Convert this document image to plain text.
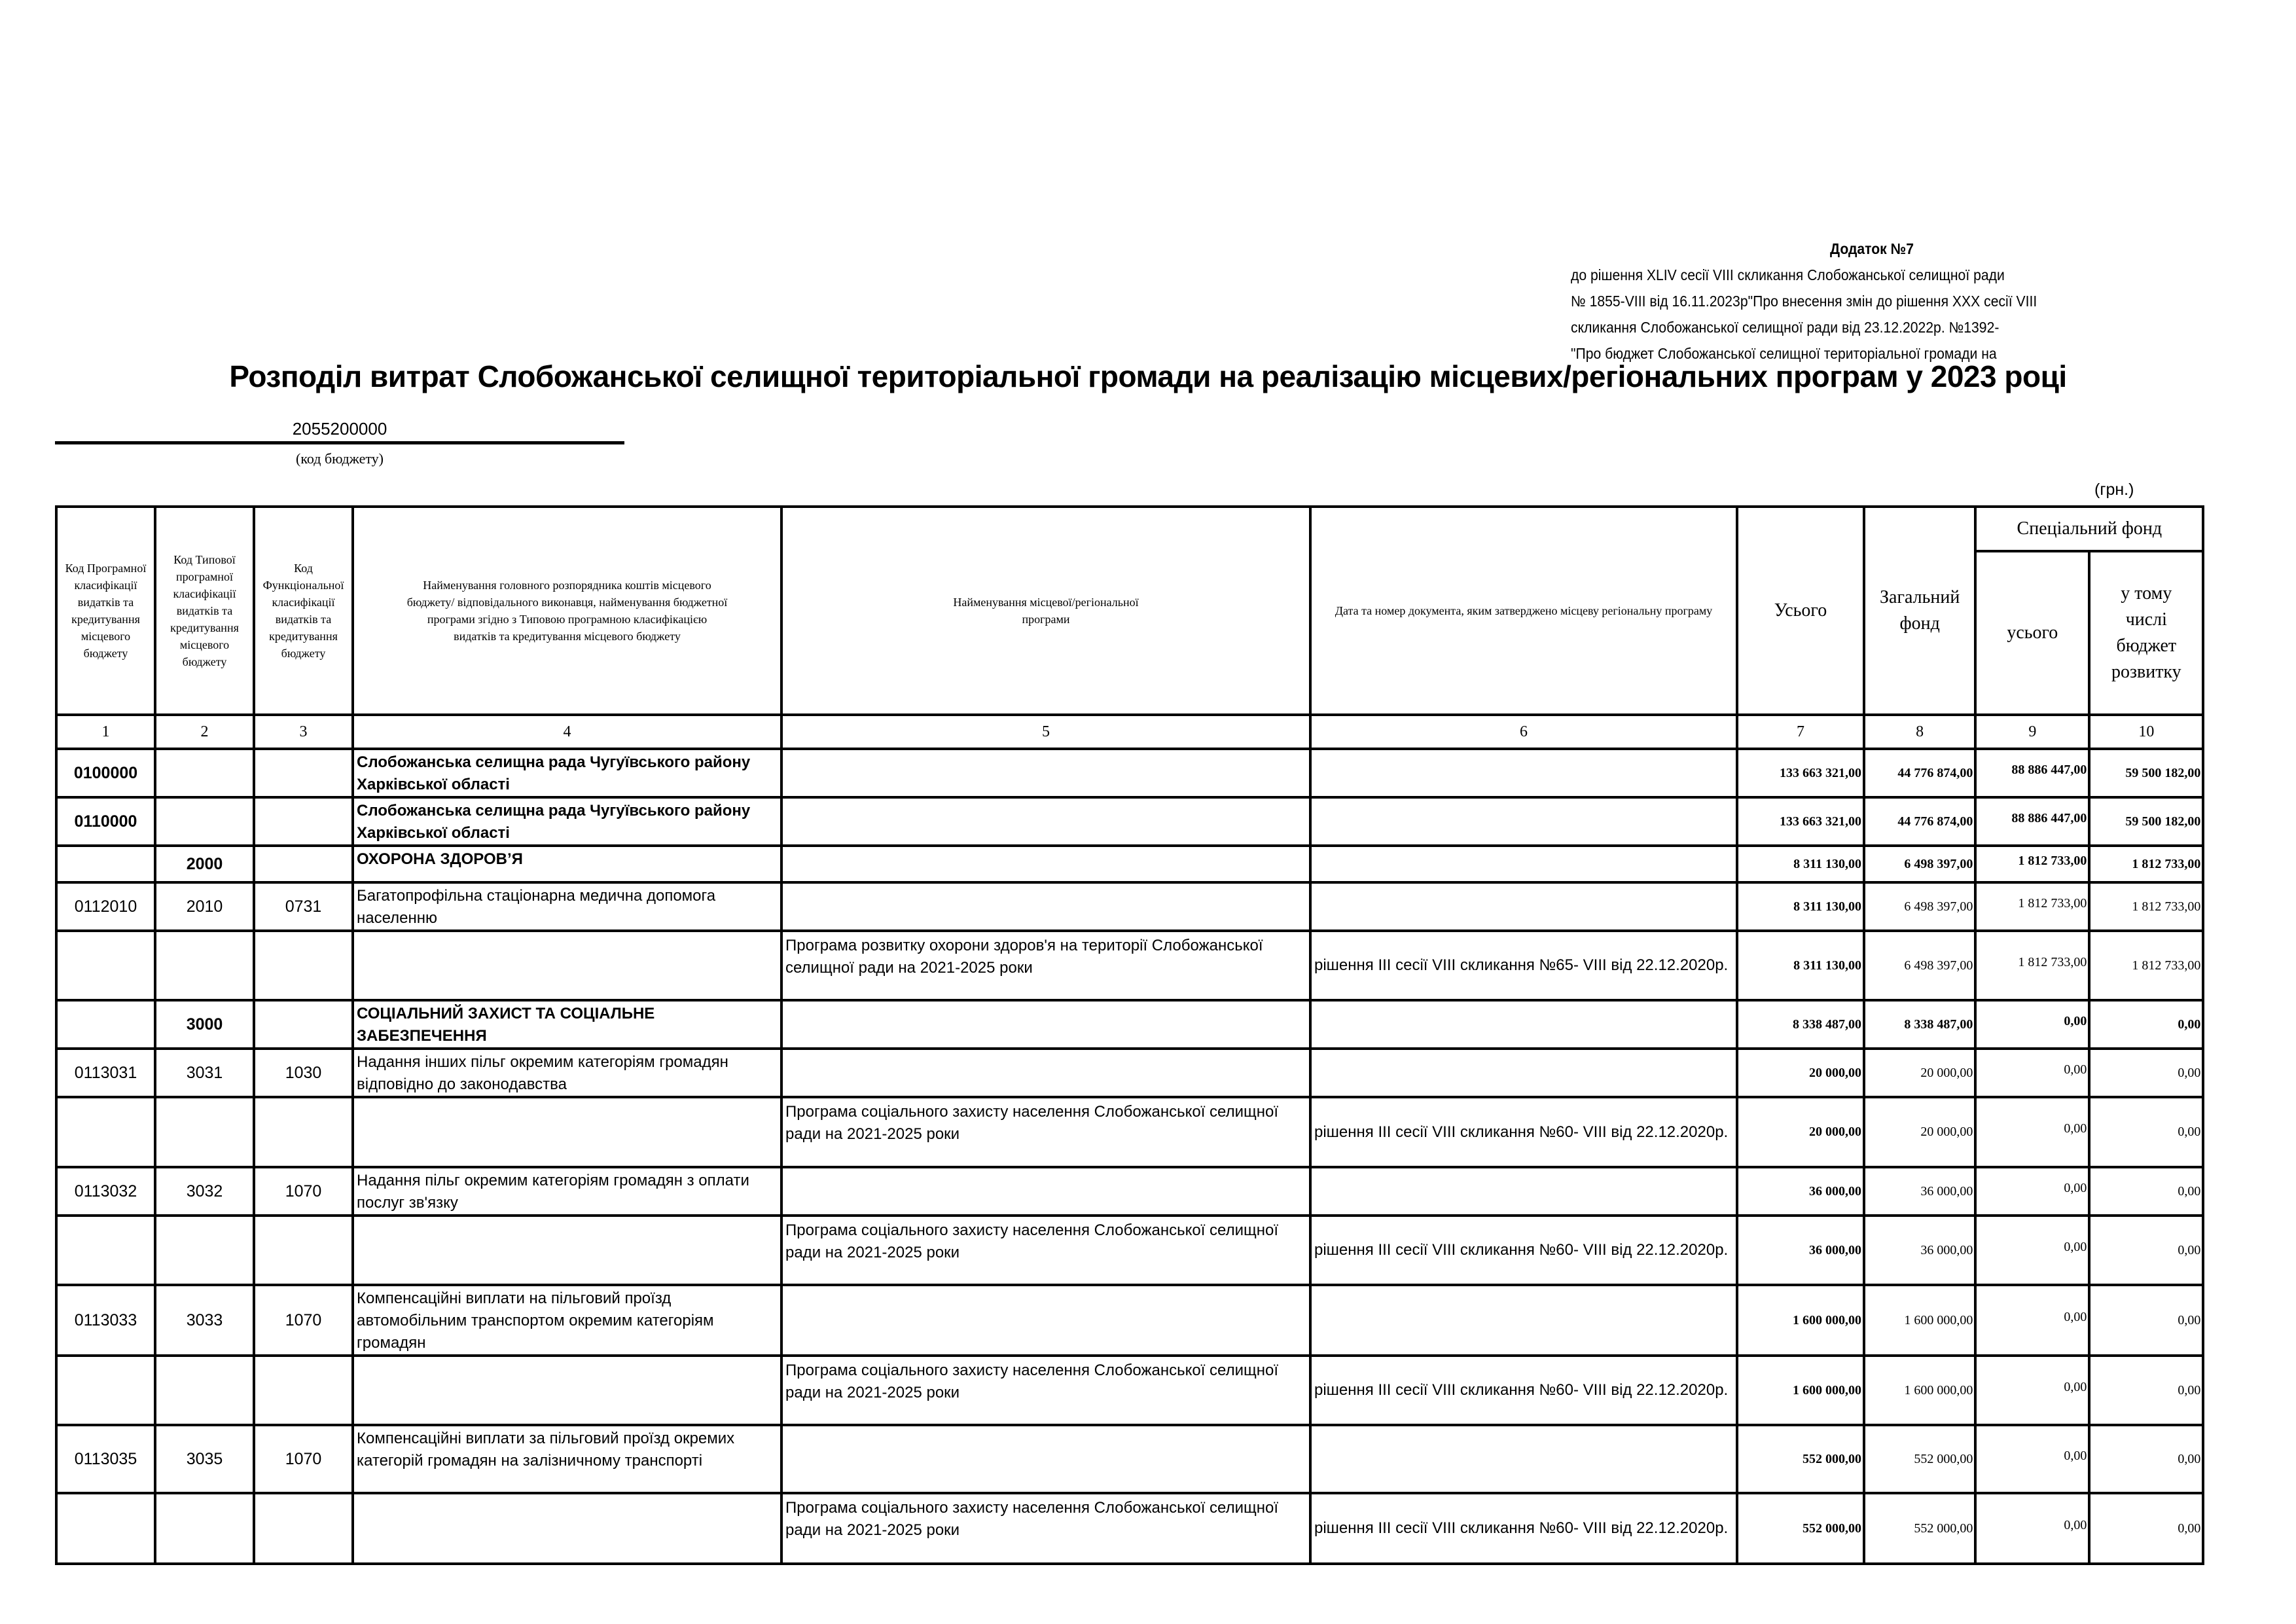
Додаток №7
до рішення XLIV сесії VIII скликання Слобожанської селищної ради
№ 1855-VIII від 16.11.2023р"Про внесення змін до рішення XXX сесії VIII
скликання Слобожанської селищної ради від 23.12.2022р. №1392-
"Про бюджет Слобожанської селищної територіальної громади на
Розподіл витрат Слобожанської селищної територіальної громади на реалізацію місцевих/регіональних програм у 2023 році
2055200000
(код бюджету)
(грн.)
Код Програмної класифікації видатків та кредитування місцевого бюджету	Код Типової програмної класифікації видатків та кредитування місцевого бюджету	Код Функціональної класифікації видатків та кредитування бюджету	Найменування головного розпорядника коштів місцевого бюджету/ відповідального виконавця, найменування бюджетної програми згідно з Типовою програмною класифікацією видатків та кредитування місцевого бюджету	Найменування місцевої/регіональної програми	Дата та номер документа, яким затверджено місцеву регіональну програму	Усього	Загальний фонд	Спеціальний фонд	
								усього	у тому числі бюджет розвитку
1	2	3	4	5	6	7	8	9	10
0100000			Слобожанська селищна рада Чугуївського району Харківської області			133 663 321,00	44 776 874,00	88 886 447,00	59 500 182,00
0110000			Слобожанська селищна рада Чугуївського району Харківської області			133 663 321,00	44 776 874,00	88 886 447,00	59 500 182,00
	2000		ОХОРОНА ЗДОРОВ’Я			8 311 130,00	6 498 397,00	1 812 733,00	1 812 733,00
0112010	2010	0731	Багатопрофільна стаціонарна медична допомога населенню			8 311 130,00	6 498 397,00	1 812 733,00	1 812 733,00
				Програма розвитку охорони здоров'я на території Слобожанської селищної ради на 2021-2025 роки	рішення ІІІ сесії VIII скликання №65- VIII від 22.12.2020р.	8 311 130,00	6 498 397,00	1 812 733,00	1 812 733,00
	3000		СОЦІАЛЬНИЙ ЗАХИСТ ТА СОЦІАЛЬНЕ ЗАБЕЗПЕЧЕННЯ			8 338 487,00	8 338 487,00	0,00	0,00
0113031	3031	1030	Надання інших пільг окремим категоріям громадян відповідно до законодавства			20 000,00	20 000,00	0,00	0,00
				Програма соціального захисту населення Слобожанської селищної ради на 2021-2025 роки	рішення ІІІ сесії VIII скликання №60- VIII від 22.12.2020р.	20 000,00	20 000,00	0,00	0,00
0113032	3032	1070	Надання пільг окремим категоріям громадян з оплати послуг зв'язку			36 000,00	36 000,00	0,00	0,00
				Програма соціального захисту населення Слобожанської селищної ради на 2021-2025 роки	рішення ІІІ сесії VIII скликання №60- VIII від 22.12.2020р.	36 000,00	36 000,00	0,00	0,00
0113033	3033	1070	Компенсаційні виплати на пільговий проїзд автомобільним транспортом окремим категоріям громадян			1 600 000,00	1 600 000,00	0,00	0,00
				Програма соціального захисту населення Слобожанської селищної ради на 2021-2025 роки	рішення ІІІ сесії VIII скликання №60- VIII від 22.12.2020р.	1 600 000,00	1 600 000,00	0,00	0,00
0113035	3035	1070	Компенсаційні виплати за пільговий проїзд окремих категорій громадян на залізничному транспорті			552 000,00	552 000,00	0,00	0,00
				Програма соціального захисту населення Слобожанської селищної ради на 2021-2025 роки	рішення ІІІ сесії VIII скликання №60- VIII від 22.12.2020р.	552 000,00	552 000,00	0,00	0,00
